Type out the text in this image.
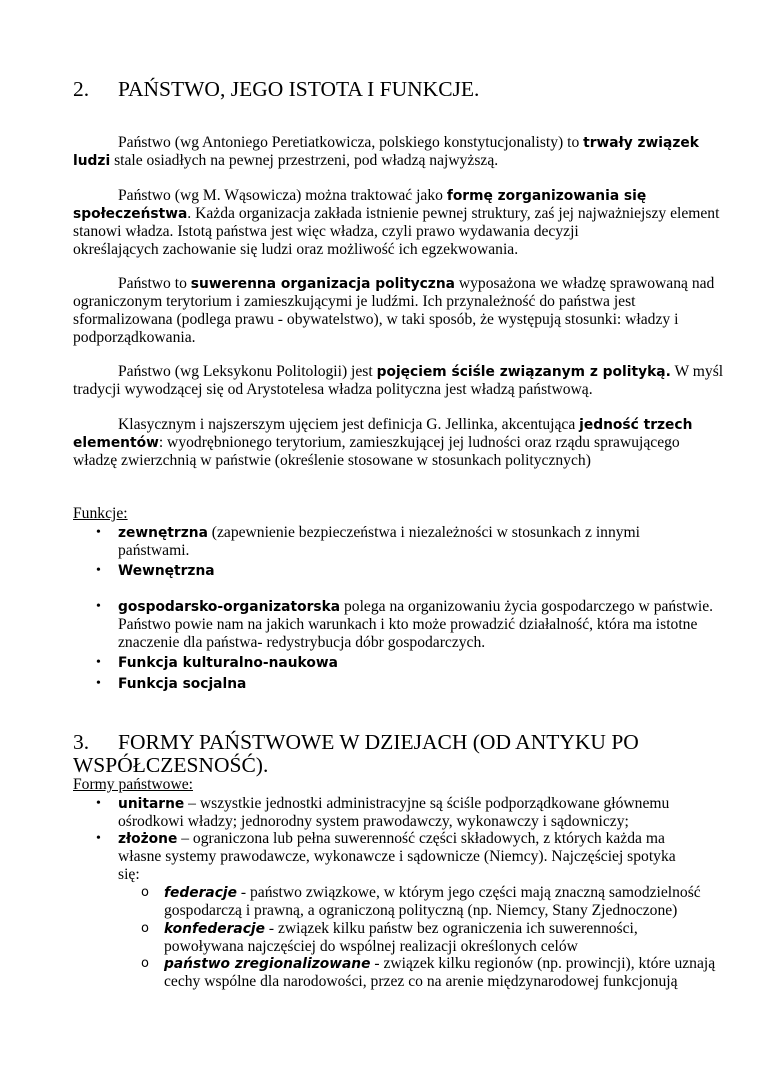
2. PAŃSTWO, JEGO ISTOTA I FUNKCJE.
Państwo (wg Antoniego Peretiatkowicza, polskiego konstytucjonalisty) to trwały związek
ludzi stale osiadłych na pewnej przestrzeni, pod władzą najwyższą.
Państwo (wg M. Wąsowicza) można traktować jako formę zorganizowania się
społeczeństwa. Każda organizacja zakłada istnienie pewnej struktury, zaś jej najważniejszy element
stanowi władza. Istotą państwa jest więc władza, czyli prawo wydawania decyzji
określających zachowanie się ludzi oraz możliwość ich egzekwowania.
Państwo to suwerenna organizacja polityczna wyposażona we władzę sprawowaną nad
ograniczonym terytorium i zamieszkującymi je ludźmi. Ich przynależność do państwa jest
sformalizowana (podlega prawu - obywatelstwo), w taki sposób, że występują stosunki: władzy i
podporządkowania.
Państwo (wg Leksykonu Politologii) jest pojęciem ściśle związanym z polityką. W myśl
tradycji wywodzącej się od Arystotelesa władza polityczna jest władzą państwową.
Klasycznym i najszerszym ujęciem jest definicja G. Jellinka, akcentująca jedność trzech
elementów: wyodrębnionego terytorium, zamieszkującej jej ludności oraz rządu sprawującego
władzę zwierzchnią w państwie (określenie stosowane w stosunkach politycznych)
Funkcje:
• zewnętrzna (zapewnienie bezpieczeństwa i niezależności w stosunkach z innymi
państwami.
• Wewnętrzna
• gospodarsko-organizatorska polega na organizowaniu życia gospodarczego w państwie.
Państwo powie nam na jakich warunkach i kto może prowadzić działalność, która ma istotne
znaczenie dla państwa- redystrybucja dóbr gospodarczych.
• Funkcja kulturalno-naukowa
• Funkcja socjalna
3. FORMY PAŃSTWOWE W DZIEJACH (OD ANTYKU PO
WSPÓŁCZESNOŚĆ).
Formy państwowe:
• unitarne – wszystkie jednostki administracyjne są ściśle podporządkowane głównemu
ośrodkowi władzy; jednorodny system prawodawczy, wykonawczy i sądowniczy;
• złożone – ograniczona lub pełna suwerenność części składowych, z których każda ma
własne systemy prawodawcze, wykonawcze i sądownicze (Niemcy). Najczęściej spotyka
się:
o federacje - państwo związkowe, w którym jego części mają znaczną samodzielność
gospodarczą i prawną, a ograniczoną polityczną (np. Niemcy, Stany Zjednoczone)
o konfederacje - związek kilku państw bez ograniczenia ich suwerenności,
powoływana najczęściej do wspólnej realizacji określonych celów
o państwo zregionalizowane - związek kilku regionów (np. prowincji), które uznają
cechy wspólne dla narodowości, przez co na arenie międzynarodowej funkcjonują
